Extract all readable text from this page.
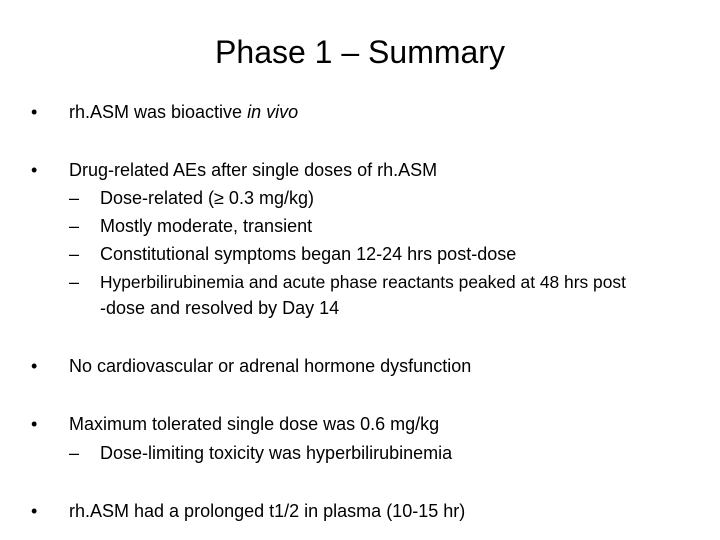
Phase 1 – Summary
•	rh.ASM was bioactive in vivo
•	Drug-related AEs after single doses of rh.ASM
– Dose-related (≥ 0.3 mg/kg)
– Mostly moderate, transient
– Constitutional symptoms began 12-24 hrs post-dose
– Hyperbilirubinemia and acute phase reactants peaked at 48 hrs post
-dose and resolved by Day 14
•	No cardiovascular or adrenal hormone dysfunction
•	Maximum tolerated single dose was 0.6 mg/kg
– Dose-limiting toxicity was hyperbilirubinemia
•	rh.ASM had a prolonged t1/2 in plasma (10-15 hr)
